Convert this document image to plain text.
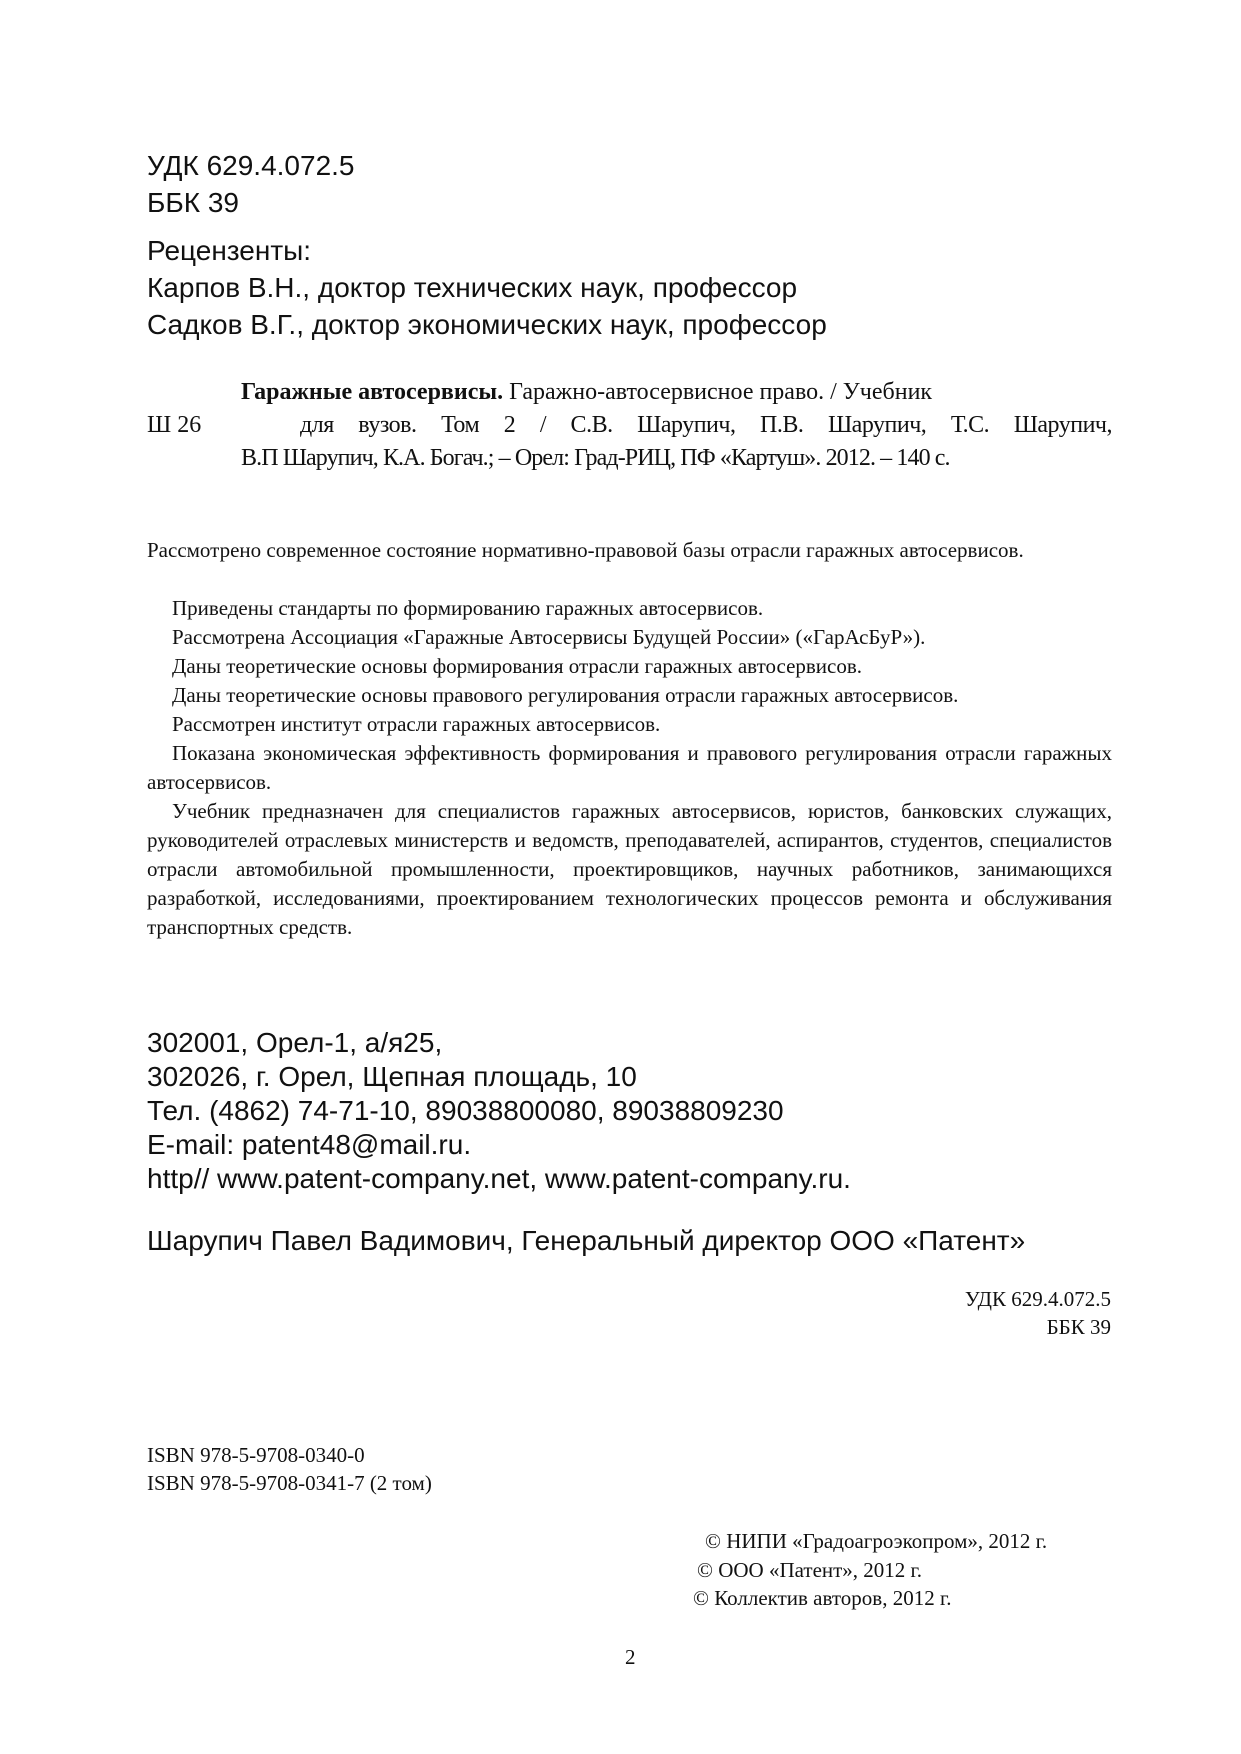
УДК 629.4.072.5
ББК 39
Рецензенты:
Карпов В.Н., доктор технических наук, профессор
Садков В.Г., доктор экономических наук, профессор
Гаражные автосервисы. Гаражно-автосервисное право. / Учебник
Ш 26	для вузов. Том 2 / С.В. Шарупич, П.В. Шарупич, Т.С. Шарупич,
В.П Шарупич, К.А. Богач.; – Орел: Град-РИЦ, ПФ «Картуш». 2012. – 140 с.
Рассмотрено современное состояние нормативно-правовой базы отрасли гаражных автосервисов.
Приведены стандарты по формированию гаражных автосервисов.
Рассмотрена Ассоциация «Гаражные Автосервисы Будущей России» («ГарАсБуР»).
Даны теоретические основы формирования отрасли гаражных автосервисов.
Даны теоретические основы правового регулирования отрасли гаражных автосервисов.
Рассмотрен институт отрасли гаражных автосервисов.
Показана экономическая эффективность формирования и правового регулирования отрасли гаражных автосервисов.
Учебник предназначен для специалистов гаражных автосервисов, юристов, банковских служащих, руководителей отраслевых министерств и ведомств, преподавателей, аспирантов, студентов, специалистов отрасли автомобильной промышленности, проектировщиков, научных работников, занимающихся разработкой, исследованиями, проектированием технологических процессов ремонта и обслуживания транспортных средств.
302001, Орел-1, а/я25,
302026, г. Орел, Щепная площадь, 10
Тел. (4862) 74-71-10, 89038800080, 89038809230
E-mail: patent48@mail.ru.
http// www.patent-company.net, www.patent-company.ru.
Шарупич Павел Вадимович, Генеральный директор ООО «Патент»
УДК 629.4.072.5
ББК 39
ISBN 978-5-9708-0340-0
ISBN 978-5-9708-0341-7 (2 том)
© НИПИ «Градоагроэкопром», 2012 г.
© ООО «Патент», 2012 г.
© Коллектив авторов, 2012 г.
2
